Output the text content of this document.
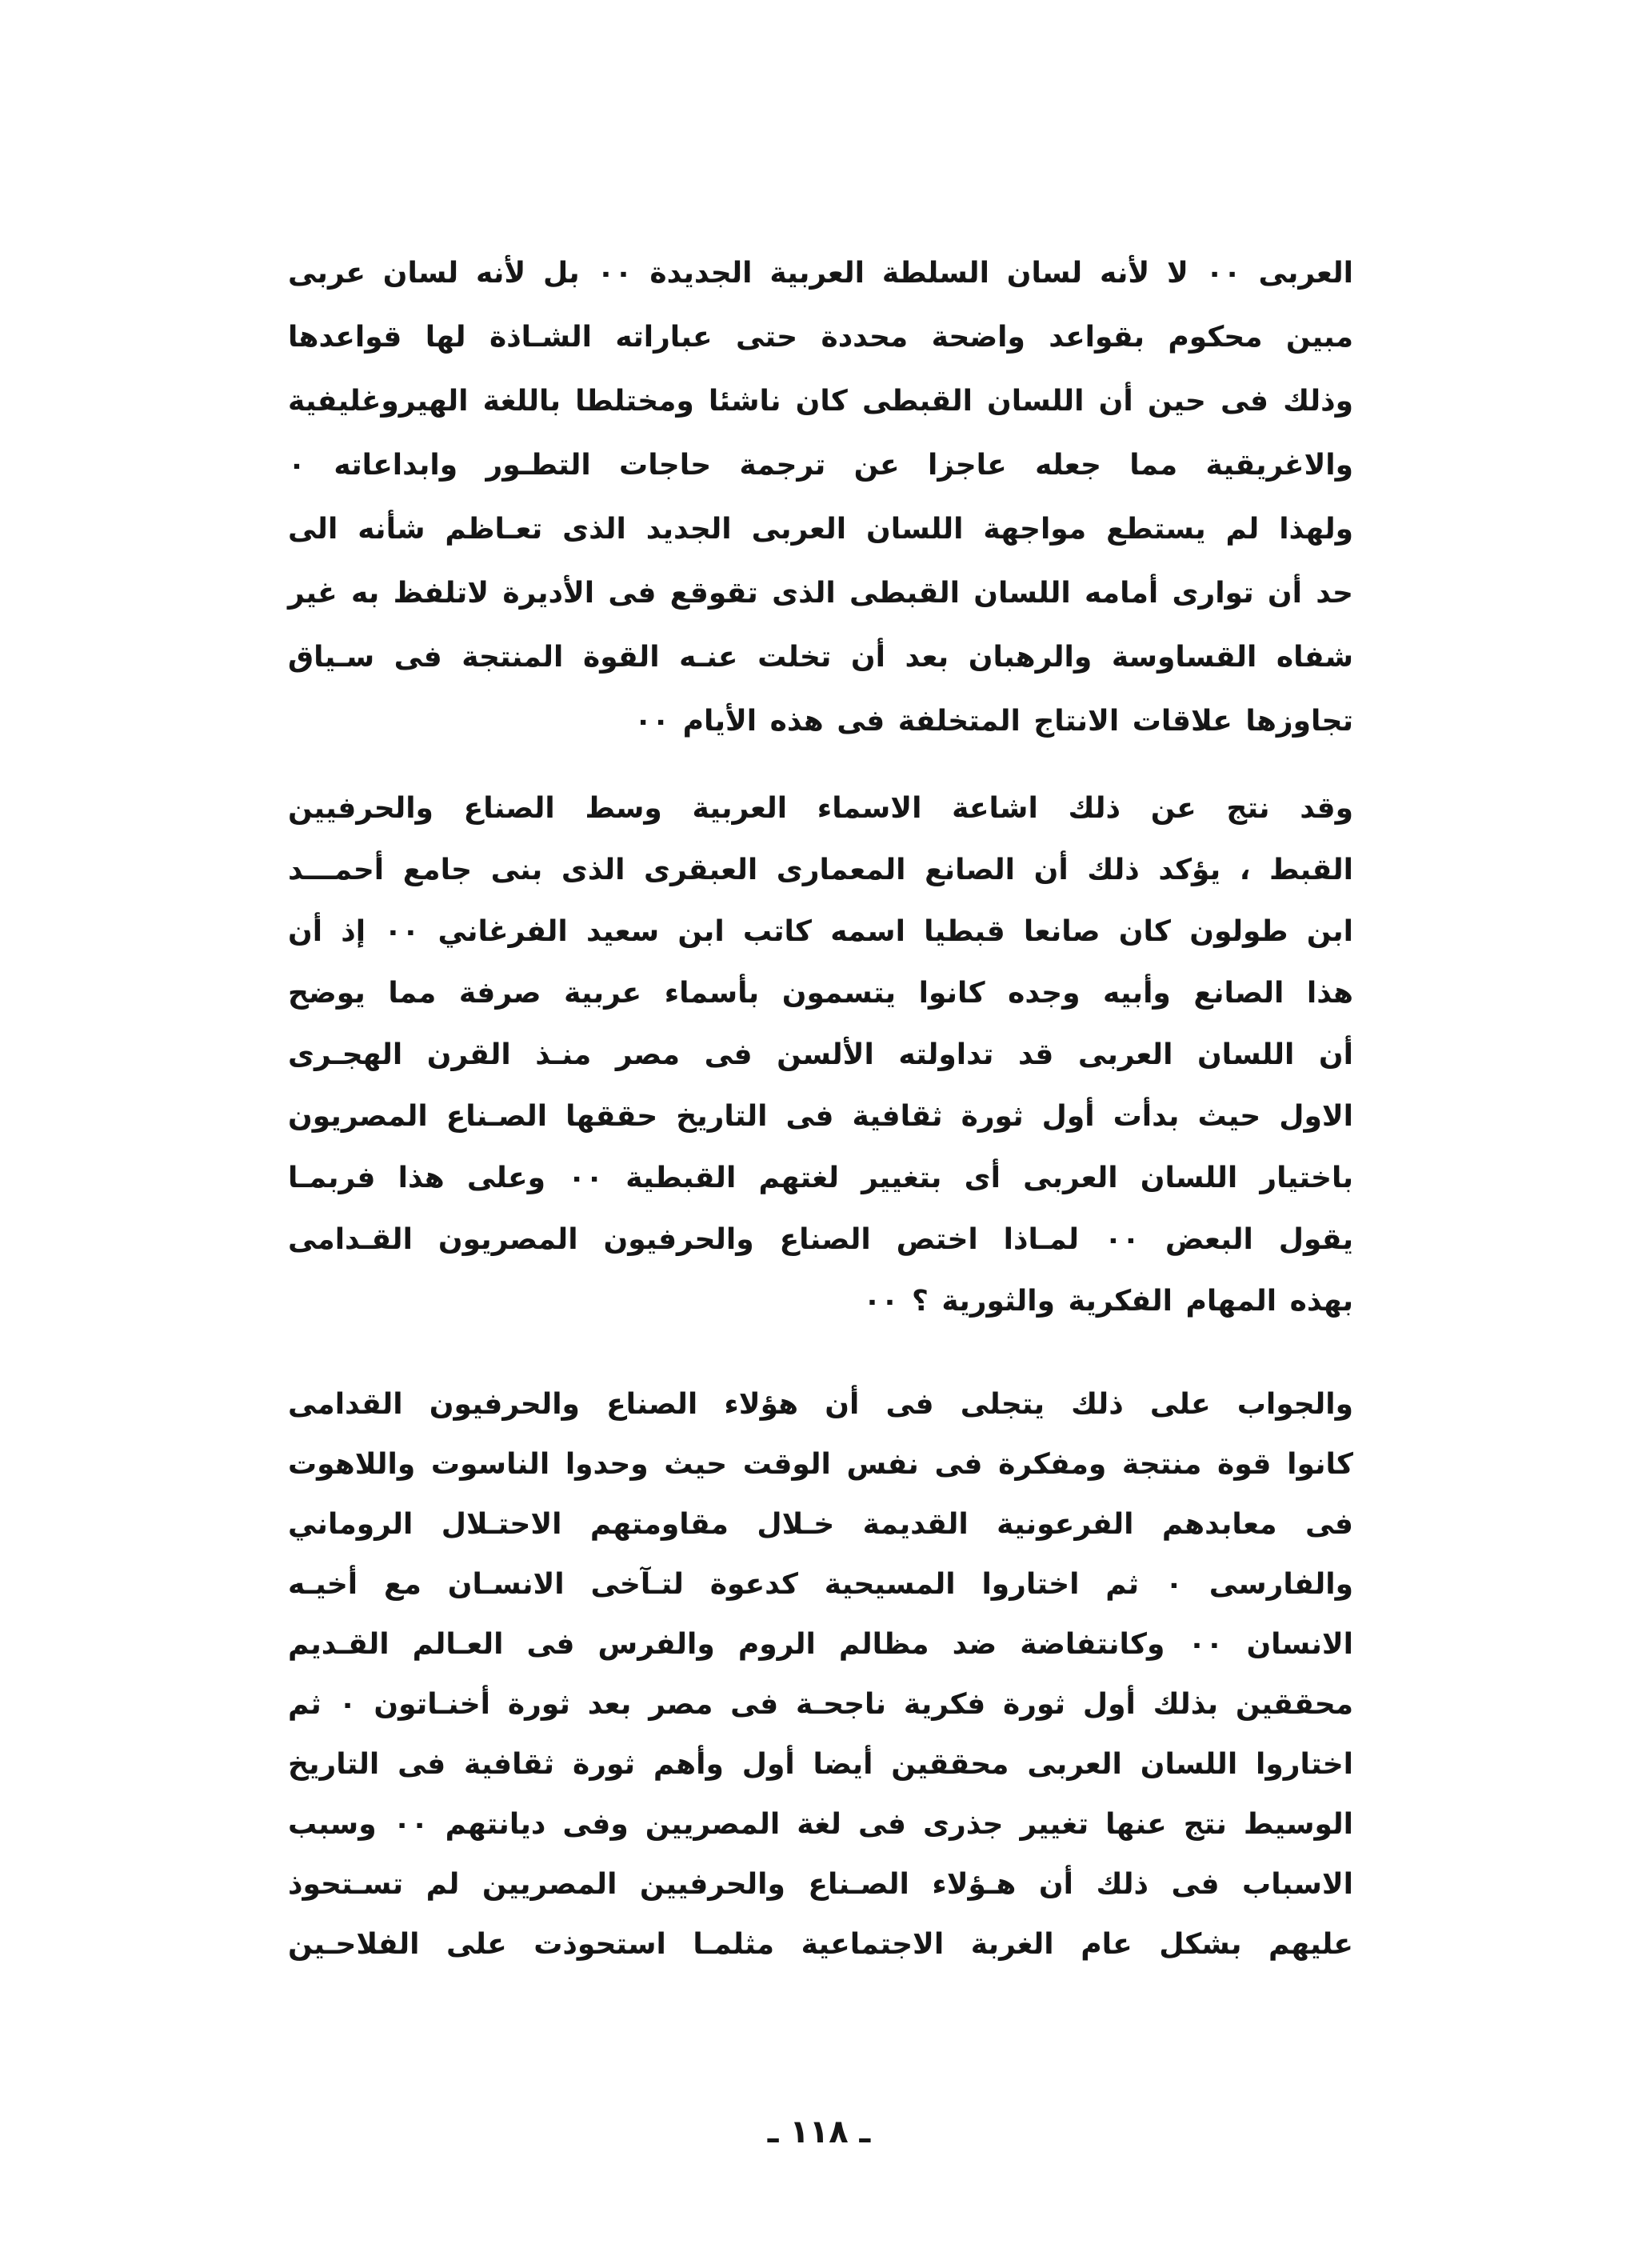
العربى ٠٠ لا لأنه لسان السلطة العربية الجديدة ٠٠ بل لأنه لسان عربى
مبين محكوم بقواعد واضحة محددة حتى عباراته الشـاذة لها قواعدها
وذلك فى حين أن اللسان القبطى كان ناشئا ومختلطا باللغة الهيروغليفية
والاغريقية مما جعله عاجزا عن ترجمة حاجات التطـور وابداعاته ٠
ولهذا لم يستطع مواجهة اللسان العربى الجديد الذى تعـاظم شأنه الى
حد أن توارى أمامه اللسان القبطى الذى تقوقع فى الأديرة لاتلفظ به غير
شفاه القساوسة والرهبان بعد أن تخلت عنـه القوة المنتجة فى سـياق
تجاوزها علاقات الانتاج المتخلفة فى هذه الأيام ٠٠
وقد نتج عن ذلك اشاعة الاسماء العربية وسط الصناع والحرفيين
القبط ، يؤكد ذلك أن الصانع المعمارى العبقرى الذى بنى جامع أحمـــد
ابن طولون كان صانعا قبطيا اسمه كاتب ابن سعيد الفرغاني ٠٠ إذ أن
هذا الصانع وأبيه وجده كانوا يتسمون بأسماء عربية صرفة مما يوضح
أن اللسان العربى قد تداولته الألسن فى مصر منـذ القرن الهجـرى
الاول حيث بدأت أول ثورة ثقافية فى التاريخ حققها الصـناع المصريون
باختيار اللسان العربى أى بتغيير لغتهم القبطية ٠٠ وعلى هذا فربمـا
يقول البعض ٠٠ لمـاذا اختص الصناع والحرفيون المصريون القـدامى
بهذه المهام الفكرية والثورية ؟ ٠٠
والجواب على ذلك يتجلى فى أن هؤلاء الصناع والحرفيون القدامى
كانوا قوة منتجة ومفكرة فى نفس الوقت حيث وحدوا الناسوت واللاهوت
فى معابدهم الفرعونية القديمة خـلال مقاومتهم الاحتـلال الروماني
والفارسى ٠ ثم اختاروا المسيحية كدعوة لتـآخى الانسـان مع أخيـه
الانسان ٠٠ وكانتفاضة ضد مظالم الروم والفرس فى العـالم القـديم
محققين بذلك أول ثورة فكرية ناجحـة فى مصر بعد ثورة أخنـاتون ٠ ثم
اختاروا اللسان العربى محققين أيضا أول وأهم ثورة ثقافية فى التاريخ
الوسيط نتج عنها تغيير جذرى فى لغة المصريين وفى ديانتهم ٠٠ وسبب
الاسباب فى ذلك أن هـؤلاء الصـناع والحرفيين المصريين لم تسـتحوذ
عليهم بشكل عام الغربة الاجتماعية مثلمـا استحوذت على الفلاحـين
ـ ١١٨ ـ
